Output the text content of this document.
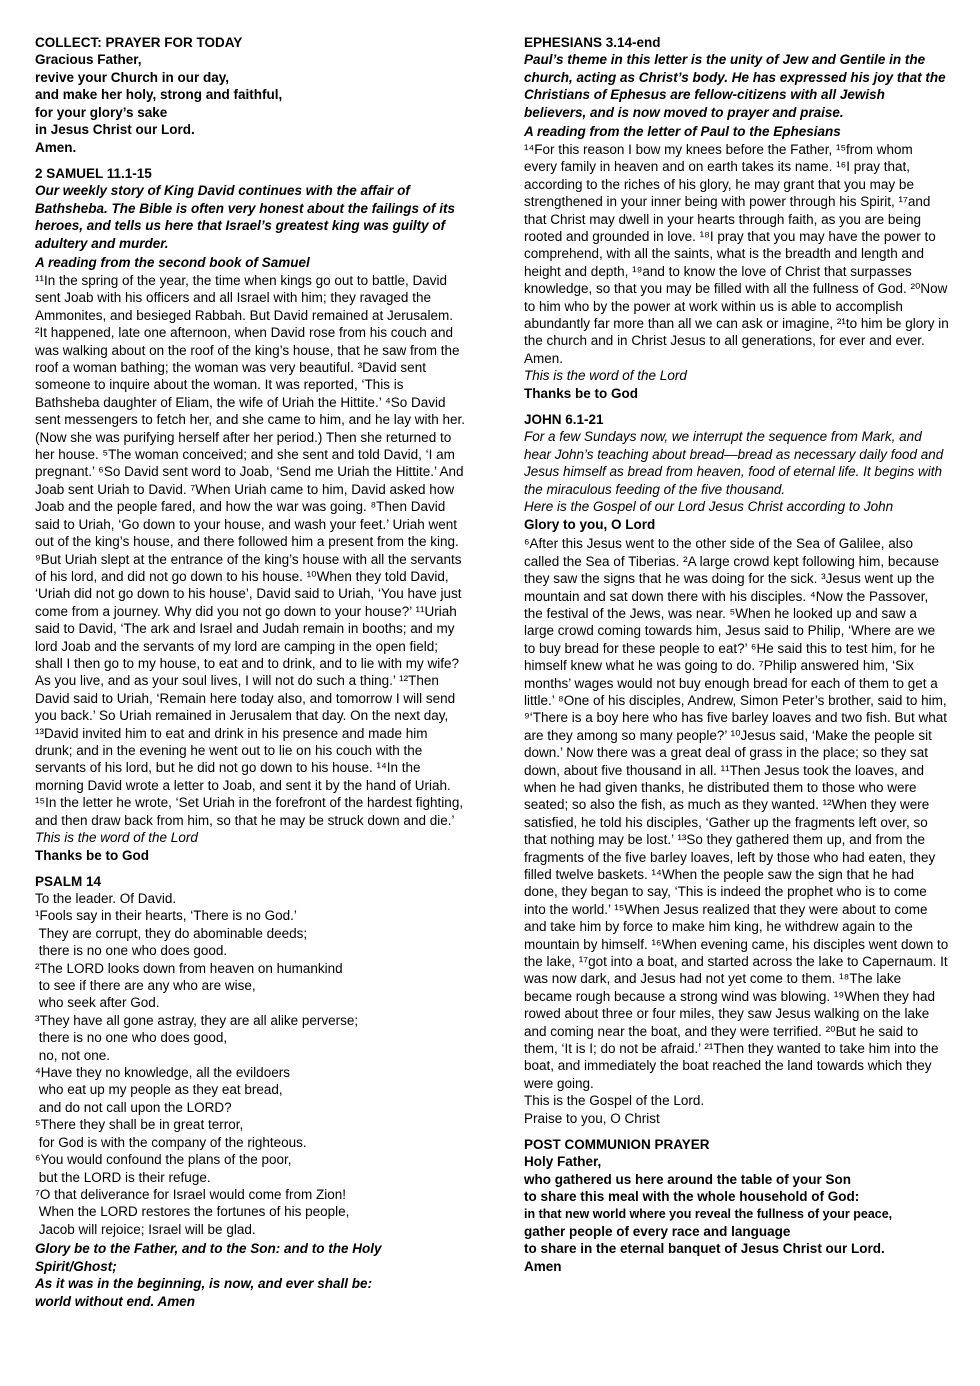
COLLECT: PRAYER FOR TODAY
Gracious Father,
revive your Church in our day,
and make her holy, strong and faithful,
for your glory’s sake
in Jesus Christ our Lord.
Amen.
2 SAMUEL 11.1-15
Our weekly story of King David continues with the affair of Bathsheba. The Bible is often very honest about the failings of its heroes, and tells us here that Israel’s greatest king was guilty of adultery and murder.
A reading from the second book of Samuel
¹¹In the spring of the year, the time when kings go out to battle, David sent Joab with his officers and all Israel with him; they ravaged the Ammonites, and besieged Rabbah. But David remained at Jerusalem. ²It happened, late one afternoon, when David rose from his couch and was walking about on the roof of the king’s house, that he saw from the roof a woman bathing; the woman was very beautiful. ³David sent someone to inquire about the woman. It was reported, ‘This is Bathsheba daughter of Eliam, the wife of Uriah the Hittite.’ ⁴So David sent messengers to fetch her, and she came to him, and he lay with her. (Now she was purifying herself after her period.) Then she returned to her house. ⁵The woman conceived; and she sent and told David, ‘I am pregnant.’ ⁶So David sent word to Joab, ‘Send me Uriah the Hittite.’ And Joab sent Uriah to David. ⁷When Uriah came to him, David asked how Joab and the people fared, and how the war was going. ⁸Then David said to Uriah, ‘Go down to your house, and wash your feet.’ Uriah went out of the king’s house, and there followed him a present from the king. ⁹But Uriah slept at the entrance of the king’s house with all the servants of his lord, and did not go down to his house. ¹⁰When they told David, ‘Uriah did not go down to his house’, David said to Uriah, ‘You have just come from a journey. Why did you not go down to your house?’ ¹¹Uriah said to David, ‘The ark and Israel and Judah remain in booths; and my lord Joab and the servants of my lord are camping in the open field; shall I then go to my house, to eat and to drink, and to lie with my wife? As you live, and as your soul lives, I will not do such a thing.’ ¹²Then David said to Uriah, ‘Remain here today also, and tomorrow I will send you back.’ So Uriah remained in Jerusalem that day. On the next day, ¹³David invited him to eat and drink in his presence and made him drunk; and in the evening he went out to lie on his couch with the servants of his lord, but he did not go down to his house. ¹⁴In the morning David wrote a letter to Joab, and sent it by the hand of Uriah. ¹⁵In the letter he wrote, ‘Set Uriah in the forefront of the hardest fighting, and then draw back from him, so that he may be struck down and die.’
This is the word of the Lord
Thanks be to God
PSALM 14
To the leader. Of David.
¹Fools say in their hearts, ‘There is no God.’
They are corrupt, they do abominable deeds;
there is no one who does good.
²The LORD looks down from heaven on humankind
to see if there are any who are wise,
who seek after God.
³They have all gone astray, they are all alike perverse;
there is no one who does good,
no, not one.
⁴Have they no knowledge, all the evildoers
who eat up my people as they eat bread,
and do not call upon the LORD?
⁵There they shall be in great terror,
for God is with the company of the righteous.
⁶You would confound the plans of the poor,
but the LORD is their refuge.
⁷O that deliverance for Israel would come from Zion!
When the LORD restores the fortunes of his people,
Jacob will rejoice; Israel will be glad.
Glory be to the Father, and to the Son: and to the Holy Spirit/Ghost;
As it was in the beginning, is now, and ever shall be:
world without end. Amen
EPHESIANS 3.14-end
Paul’s theme in this letter is the unity of Jew and Gentile in the church, acting as Christ’s body. He has expressed his joy that the Christians of Ephesus are fellow-citizens with all Jewish believers, and is now moved to prayer and praise.
A reading from the letter of Paul to the Ephesians
¹⁴For this reason I bow my knees before the Father, ¹⁵from whom every family in heaven and on earth takes its name. ¹⁶I pray that, according to the riches of his glory, he may grant that you may be strengthened in your inner being with power through his Spirit, ¹⁷and that Christ may dwell in your hearts through faith, as you are being rooted and grounded in love. ¹⁸I pray that you may have the power to comprehend, with all the saints, what is the breadth and length and height and depth, ¹⁹and to know the love of Christ that surpasses knowledge, so that you may be filled with all the fullness of God. ²⁰Now to him who by the power at work within us is able to accomplish abundantly far more than all we can ask or imagine, ²¹to him be glory in the church and in Christ Jesus to all generations, for ever and ever. Amen.
This is the word of the Lord
Thanks be to God
JOHN 6.1-21
For a few Sundays now, we interrupt the sequence from Mark, and hear John’s teaching about bread—bread as necessary daily food and Jesus himself as bread from heaven, food of eternal life. It begins with the miraculous feeding of the five thousand.
Here is the Gospel of our Lord Jesus Christ according to John
Glory to you, O Lord
⁶After this Jesus went to the other side of the Sea of Galilee, also called the Sea of Tiberias. ²A large crowd kept following him, because they saw the signs that he was doing for the sick. ³Jesus went up the mountain and sat down there with his disciples. ⁴Now the Passover, the festival of the Jews, was near. ⁵When he looked up and saw a large crowd coming towards him, Jesus said to Philip, ‘Where are we to buy bread for these people to eat?’ ⁶He said this to test him, for he himself knew what he was going to do. ⁷Philip answered him, ‘Six months’ wages would not buy enough bread for each of them to get a little.’ ⁸One of his disciples, Andrew, Simon Peter’s brother, said to him, ⁹‘There is a boy here who has five barley loaves and two fish. But what are they among so many people?’ ¹⁰Jesus said, ‘Make the people sit down.’ Now there was a great deal of grass in the place; so they sat down, about five thousand in all. ¹¹Then Jesus took the loaves, and when he had given thanks, he distributed them to those who were seated; so also the fish, as much as they wanted. ¹²When they were satisfied, he told his disciples, ‘Gather up the fragments left over, so that nothing may be lost.’ ¹³So they gathered them up, and from the fragments of the five barley loaves, left by those who had eaten, they filled twelve baskets. ¹⁴When the people saw the sign that he had done, they began to say, ‘This is indeed the prophet who is to come into the world.’ ¹⁵When Jesus realized that they were about to come and take him by force to make him king, he withdrew again to the mountain by himself. ¹⁶When evening came, his disciples went down to the lake, ¹⁷got into a boat, and started across the lake to Capernaum. It was now dark, and Jesus had not yet come to them. ¹⁸The lake became rough because a strong wind was blowing. ¹⁹When they had rowed about three or four miles, they saw Jesus walking on the lake and coming near the boat, and they were terrified. ²⁰But he said to them, ‘It is I; do not be afraid.’ ²¹Then they wanted to take him into the boat, and immediately the boat reached the land towards which they were going.
This is the Gospel of the Lord.
Praise to you, O Christ
POST COMMUNION PRAYER
Holy Father,
who gathered us here around the table of your Son
to share this meal with the whole household of God:
in that new world where you reveal the fullness of your peace,
gather people of every race and language
to share in the eternal banquet of Jesus Christ our Lord.
Amen
